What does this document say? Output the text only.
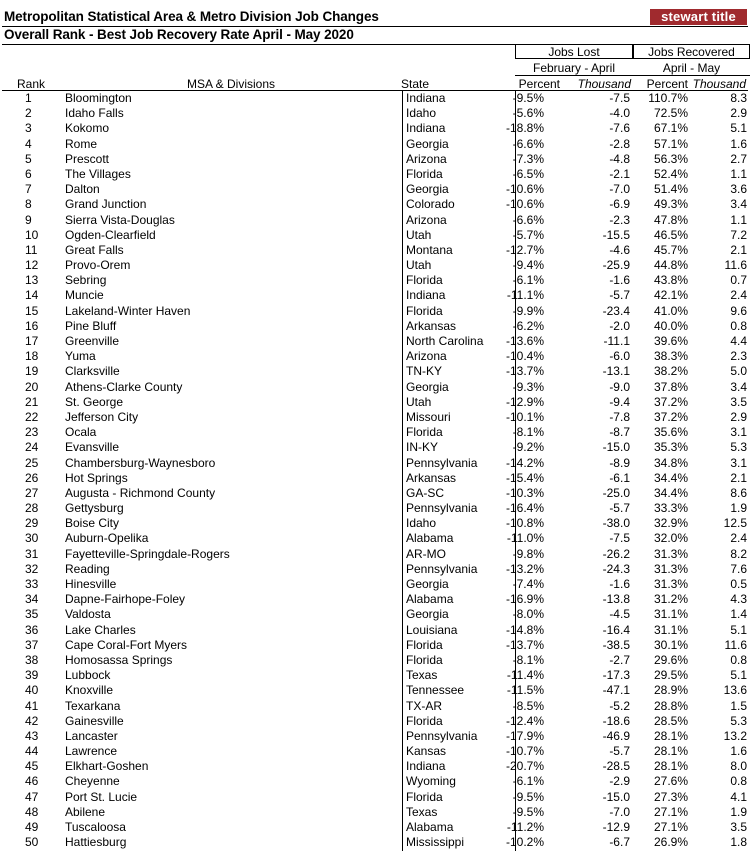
Metropolitan Statistical Area & Metro Division Job Changes	stewart title
Overall Rank - Best Job Recovery Rate April - May 2020
Jobs Lost	Jobs Recovered
February - April	April - May
Rank	MSA & Divisions	State	Percent	Thousand	Percent Thousand
1	Bloomington	Indiana	-9.5%	-7.5	110.7%	8.3
2	Idaho Falls	Idaho	-5.6%	-4.0	72.5%	2.9
3	Kokomo	Indiana	-18.8%	-7.6	67.1%	5.1
4	Rome	Georgia	-6.6%	-2.8	57.1%	1.6
5	Prescott	Arizona	-7.3%	-4.8	56.3%	2.7
6	The Villages	Florida	-6.5%	-2.1	52.4%	1.1
7	Dalton	Georgia	-10.6%	-7.0	51.4%	3.6
8	Grand Junction	Colorado	-10.6%	-6.9	49.3%	3.4
9	Sierra Vista-Douglas	Arizona	-6.6%	-2.3	47.8%	1.1
10 Ogden-Clearfield	Utah	-5.7%	-15.5	46.5%	7.2
11 Great Falls	Montana	-12.7%	-4.6	45.7%	2.1
12 Provo-Orem	Utah	-9.4%	-25.9	44.8%	11.6
13 Sebring	Florida	-6.1%	-1.6	43.8%	0.7
14 Muncie	Indiana	-11.1%	-5.7	42.1%	2.4
15 Lakeland-Winter Haven	Florida	-9.9%	-23.4	41.0%	9.6
16 Pine Bluff	Arkansas	-6.2%	-2.0	40.0%	0.8
17 Greenville	North Carolina	-13.6%	-11.1	39.6%	4.4
18 Yuma	Arizona	-10.4%	-6.0	38.3%	2.3
19 Clarksville	TN-KY	-13.7%	-13.1	38.2%	5.0
20 Athens-Clarke County	Georgia	-9.3%	-9.0	37.8%	3.4
21 St. George	Utah	-12.9%	-9.4	37.2%	3.5
22 Jefferson City	Missouri	-10.1%	-7.8	37.2%	2.9
23 Ocala	Florida	-8.1%	-8.7	35.6%	3.1
24 Evansville	IN-KY	-9.2%	-15.0	35.3%	5.3
25 Chambersburg-Waynesboro	Pennsylvania	-14.2%	-8.9	34.8%	3.1
26 Hot Springs	Arkansas	-15.4%	-6.1	34.4%	2.1
27 Augusta - Richmond County	GA-SC	-10.3%	-25.0	34.4%	8.6
28 Gettysburg	Pennsylvania	-16.4%	-5.7	33.3%	1.9
29 Boise City	Idaho	-10.8%	-38.0	32.9%	12.5
30 Auburn-Opelika	Alabama	-11.0%	-7.5	32.0%	2.4
31 Fayetteville-Springdale-Rogers	AR-MO	-9.8%	-26.2	31.3%	8.2
32 Reading	Pennsylvania	-13.2%	-24.3	31.3%	7.6
33 Hinesville	Georgia	-7.4%	-1.6	31.3%	0.5
34 Dapne-Fairhope-Foley	Alabama	-16.9%	-13.8	31.2%	4.3
35 Valdosta	Georgia	-8.0%	-4.5	31.1%	1.4
36 Lake Charles	Louisiana	-14.8%	-16.4	31.1%	5.1
37 Cape Coral-Fort Myers	Florida	-13.7%	-38.5	30.1%	11.6
38 Homosassa Springs	Florida	-8.1%	-2.7	29.6%	0.8
39 Lubbock	Texas	-11.4%	-17.3	29.5%	5.1
40 Knoxville	Tennessee	-11.5%	-47.1	28.9%	13.6
41 Texarkana	TX-AR	-8.5%	-5.2	28.8%	1.5
42 Gainesville	Florida	-12.4%	-18.6	28.5%	5.3
43 Lancaster	Pennsylvania	-17.9%	-46.9	28.1%	13.2
44 Lawrence	Kansas	-10.7%	-5.7	28.1%	1.6
45 Elkhart-Goshen	Indiana	-20.7%	-28.5	28.1%	8.0
46 Cheyenne	Wyoming	-6.1%	-2.9	27.6%	0.8
47 Port St. Lucie	Florida	-9.5%	-15.0	27.3%	4.1
48 Abilene	Texas	-9.5%	-7.0	27.1%	1.9
49 Tuscaloosa	Alabama	-11.2%	-12.9	27.1%	3.5
50 Hattiesburg	Mississippi	-10.2%	-6.7	26.9%	1.8
